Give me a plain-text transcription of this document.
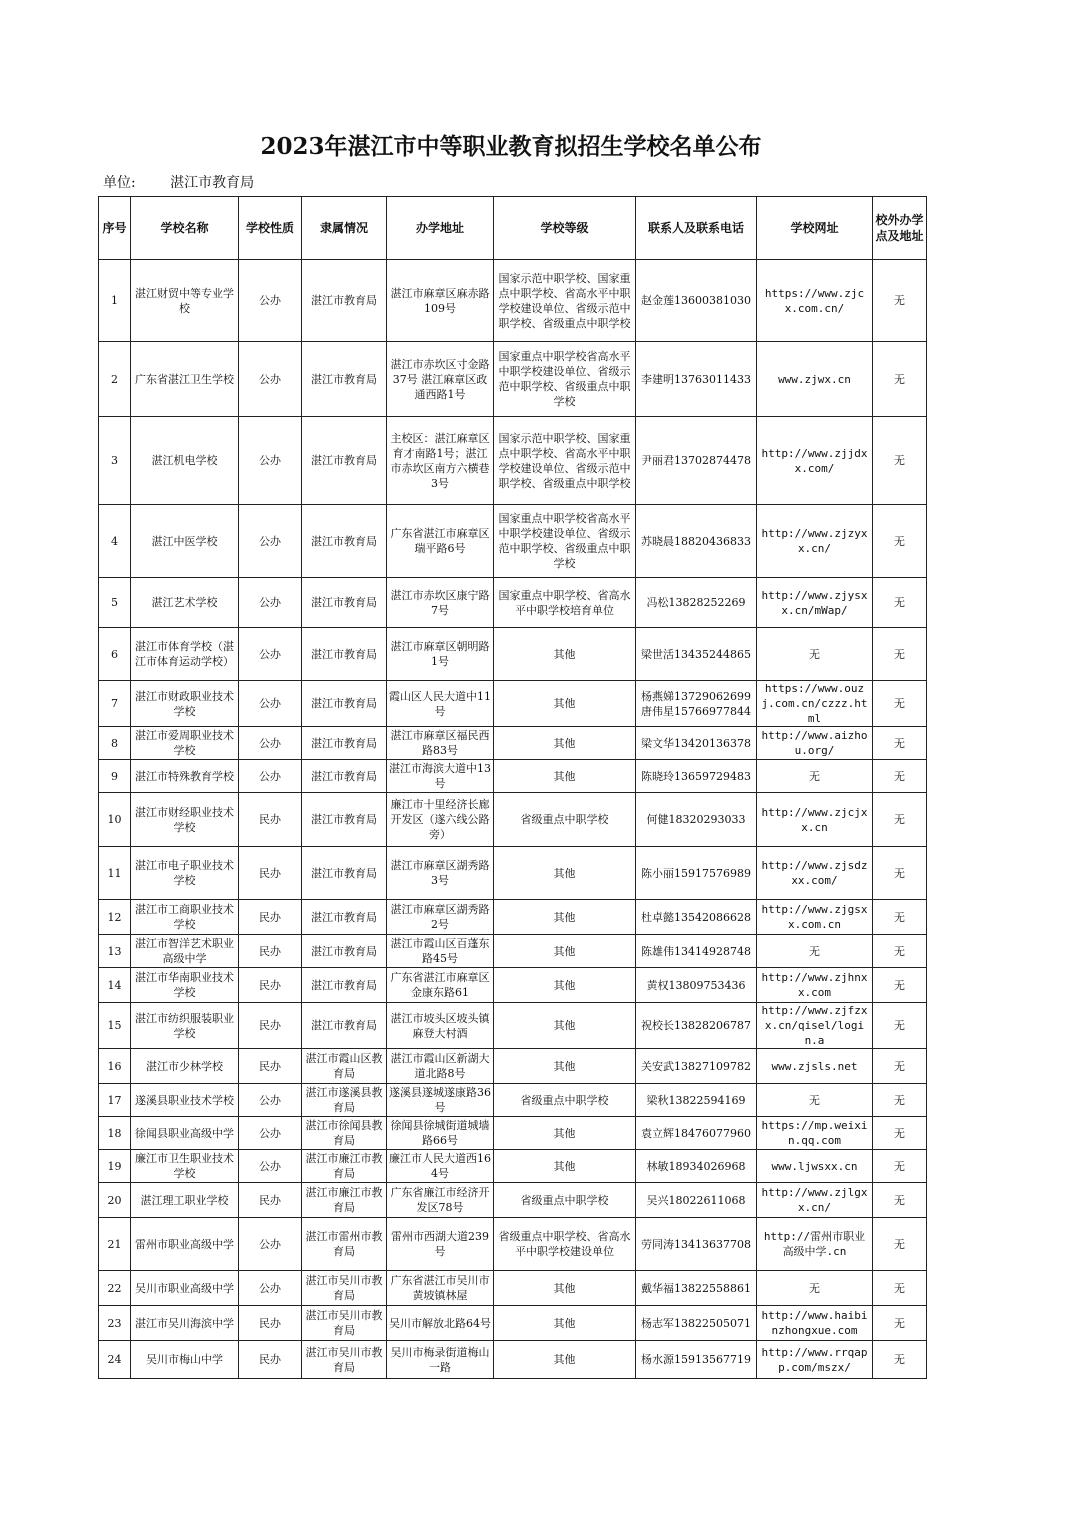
2023年湛江市中等职业教育拟招生学校名单公布
单位: 湛江市教育局
序号	学校名称	学校性质	隶属情况	办学地址	学校等级	联系人及联系电话	学校网址	校外办学点及地址
1	湛江财贸中等专业学校	公办	湛江市教育局	湛江市麻章区麻赤路109号	国家示范中职学校、国家重点中职学校、省高水平中职学校建设单位、省级示范中职学校、省级重点中职学校	赵金莲13600381030	https://www.zjcx.com.cn/	无
2	广东省湛江卫生学校	公办	湛江市教育局	湛江市赤坎区寸金路37号 湛江麻章区政通西路1号	国家重点中职学校省高水平中职学校建设单位、省级示范中职学校、省级重点中职学校	李建明13763011433	www.zjwx.cn	无
3	湛江机电学校	公办	湛江市教育局	主校区：湛江麻章区育才南路1号；湛江市赤坎区南方六横巷3号	国家示范中职学校、国家重点中职学校、省高水平中职学校建设单位、省级示范中职学校、省级重点中职学校	尹丽君13702874478	http://www.zjjdxx.com/	无
4	湛江中医学校	公办	湛江市教育局	广东省湛江市麻章区瑞平路6号	国家重点中职学校省高水平中职学校建设单位、省级示范中职学校、省级重点中职学校	苏晓晨18820436833	http://www.zjzyxx.cn/	无
5	湛江艺术学校	公办	湛江市教育局	湛江市赤坎区康宁路7号	国家重点中职学校、省高水平中职学校培育单位	冯松13828252269	http://www.zjysxx.cn/mWap/	无
6	湛江市体育学校（湛江市体育运动学校）	公办	湛江市教育局	湛江市麻章区朝明路1号	其他	梁世活13435244865	无	无
7	湛江市财政职业技术学校	公办	湛江市教育局	霞山区人民大道中11号	其他	杨燕娣13729062699 唐伟星15766977844	https://www.ouzj.com.cn/czzz.html	无
8	湛江市爱周职业技术学校	公办	湛江市教育局	湛江市麻章区福民西路83号	其他	梁文华13420136378	http://www.aizhou.org/	无
9	湛江市特殊教育学校	公办	湛江市教育局	湛江市海滨大道中13号	其他	陈晓玲13659729483	无	无
10	湛江市财经职业技术学校	民办	湛江市教育局	廉江市十里经济长廊开发区（遂六线公路旁）	省级重点中职学校	何健18320293033	http://www.zjcjxx.cn	无
11	湛江市电子职业技术学校	民办	湛江市教育局	湛江市麻章区湖秀路3号	其他	陈小丽15917576989	http://www.zjsdzxx.com/	无
12	湛江市工商职业技术学校	民办	湛江市教育局	湛江市麻章区湖秀路2号	其他	杜卓懿13542086628	http://www.zjgsxx.com.cn	无
13	湛江市智洋艺术职业高级中学	民办	湛江市教育局	湛江市霞山区百蓬东路45号	其他	陈雄伟13414928748	无	无
14	湛江市华南职业技术学校	民办	湛江市教育局	广东省湛江市麻章区金康东路61	其他	黄权13809753436	http://www.zjhnxx.com	无
15	湛江市纺织服装职业学校	民办	湛江市教育局	湛江市坡头区坡头镇麻登大村酒	其他	祝校长13828206787	http://www.zjfzxx.cn/qisel/login.a	无
16	湛江市少林学校	民办	湛江市霞山区教育局	湛江市霞山区新湖大道北路8号	其他	关安武13827109782	www.zjsls.net	无
17	遂溪县职业技术学校	公办	湛江市遂溪县教育局	遂溪县遂城遂康路36号	省级重点中职学校	梁秋13822594169	无	无
18	徐闻县职业高级中学	公办	湛江市徐闻县教育局	徐闻县徐城街道城墙路66号	其他	袁立辉18476077960	https://mp.weixin.qq.com	无
19	廉江市卫生职业技术学校	公办	湛江市廉江市教育局	廉江市人民大道西164号	其他	林敏18934026968	www.ljwsxx.cn	无
20	湛江理工职业学校	民办	湛江市廉江市教育局	广东省廉江市经济开发区78号	省级重点中职学校	吴兴18022611068	http://www.zjlgxx.cn/	无
21	雷州市职业高级中学	公办	湛江市雷州市教育局	雷州市西湖大道239号	省级重点中职学校、省高水平中职学校建设单位	劳同涛13413637708	http://雷州市职业高级中学.cn	无
22	吴川市职业高级中学	公办	湛江市吴川市教育局	广东省湛江市吴川市黄坡镇林屋	其他	戴华福13822558861	无	无
23	湛江市吴川海滨中学	民办	湛江市吴川市教育局	吴川市解放北路64号	其他	杨志军13822505071	http://www.haibinzhongxue.com	无
24	吴川市梅山中学	民办	湛江市吴川市教育局	吴川市梅录街道梅山一路	其他	杨水源15913567719	http://www.rrqapp.com/mszx/	无
